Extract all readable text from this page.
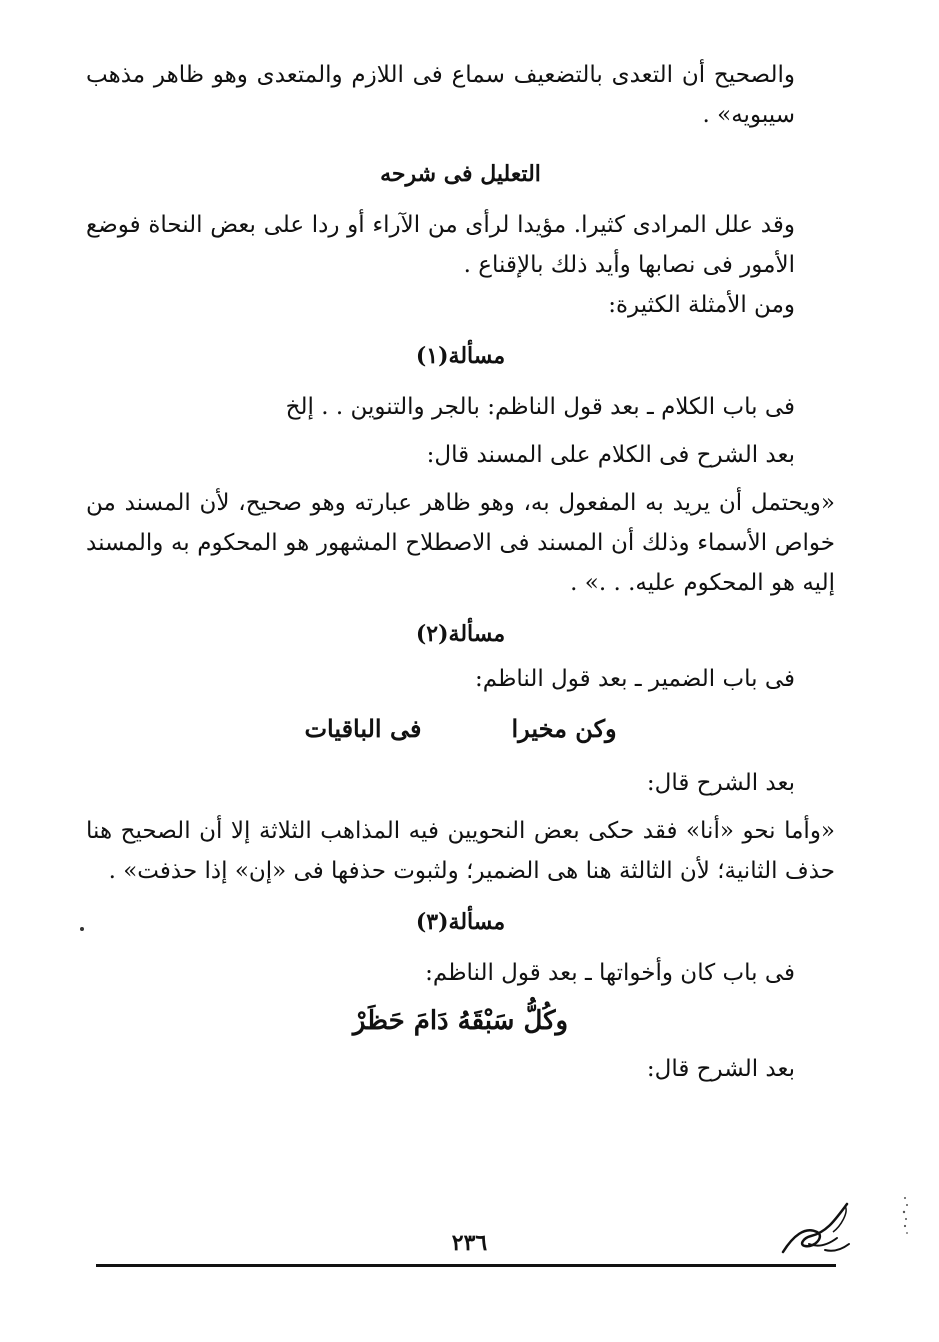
والصحيح أن التعدى بالتضعيف سماع فى اللازم والمتعدى وهو ظاهر مذهب سيبويه» .

التعليل فى شرحه

وقد علل المرادى كثيرا. مؤيدا لرأى من الآراء أو ردا على بعض النحاة فوضع الأمور فى نصابها وأيد ذلك بالإقناع .

ومن الأمثلة الكثيرة:

مسألة(١)

فى باب الكلام ـ بعد قول الناظم: بالجر والتنوين . . إلخ

بعد الشرح فى الكلام على المسند قال:

«ويحتمل أن يريد به المفعول به، وهو ظاهر عبارته وهو صحيح، لأن المسند من خواص الأسماء وذلك أن المسند فى الاصطلاح المشهور هو المحكوم به والمسند إليه هو المحكوم عليه. . .» .

مسألة(٢)

فى باب الضمير ـ بعد قول الناظم:

وكن مخيرا
فى الباقيات

بعد الشرح قال:

«وأما نحو «أنا» فقد حكى بعض النحويين فيه المذاهب الثلاثة إلا أن الصحيح هنا حذف الثانية؛ لأن الثالثة هنا هى الضمير؛ ولثبوت حذفها فى «إن» إذا حذفت» .

مسألة(٣)

فى باب كان وأخواتها ـ بعد قول الناظم:

وكُلُّ سَبْقَهُ دَامَ حَظَرْ

بعد الشرح قال:

٢٣٦
